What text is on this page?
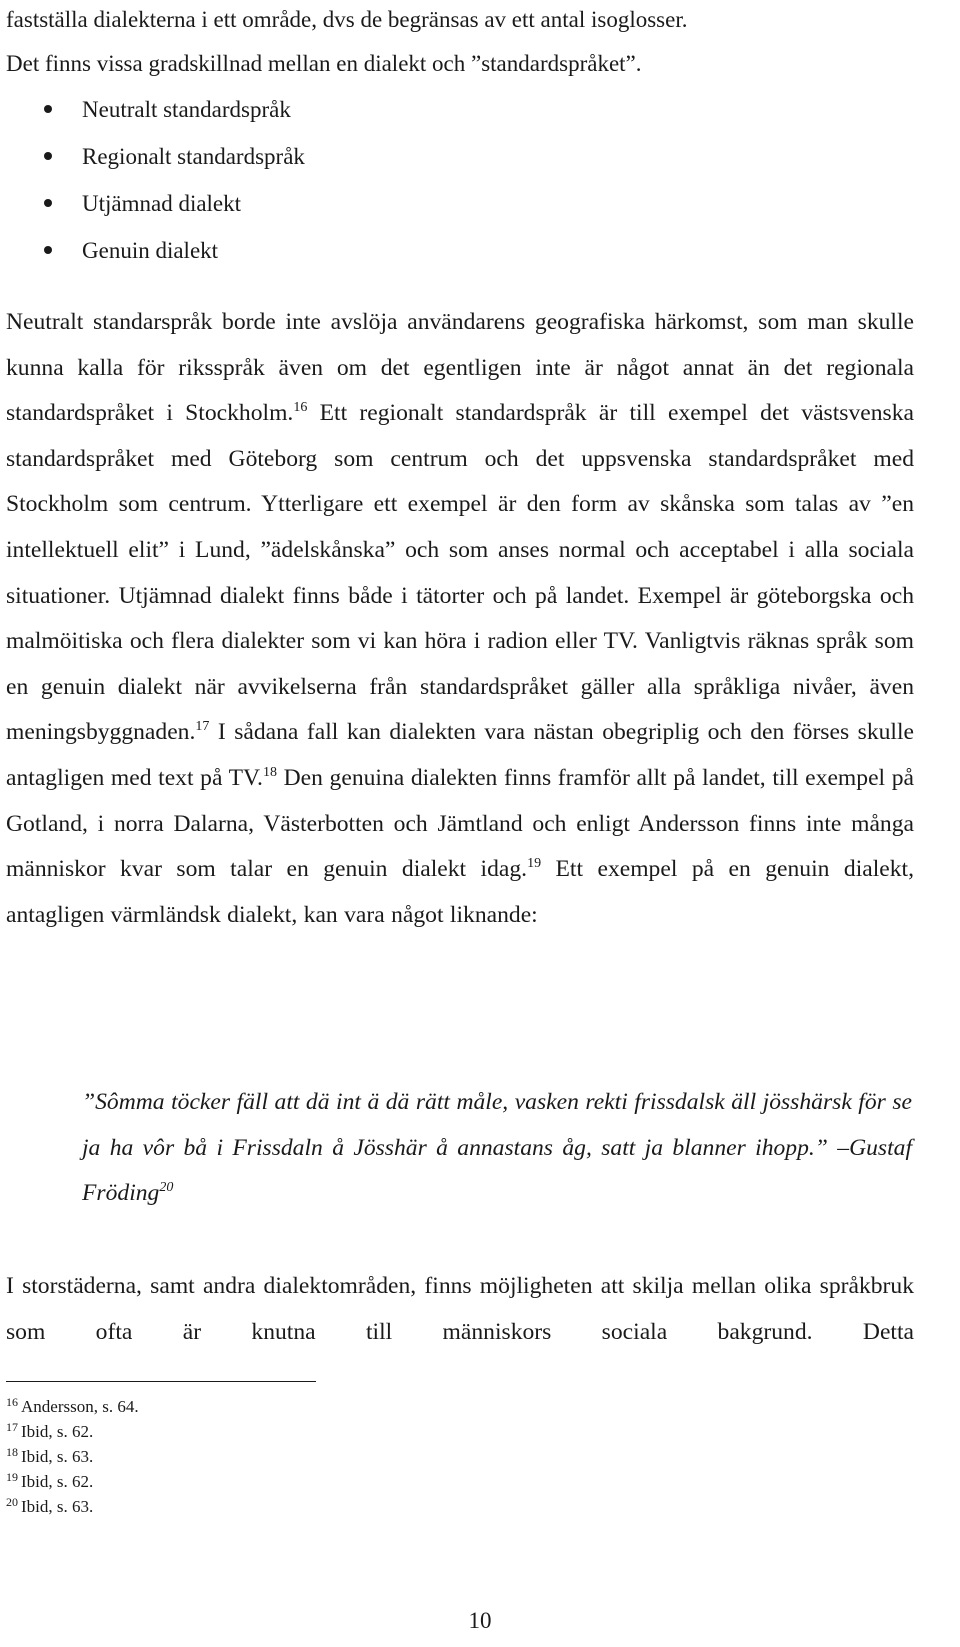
fastställa dialekterna i ett område, dvs de begränsas av ett antal isoglosser.
Det finns vissa gradskillnad mellan en dialekt och ”standardspråket”.

Neutralt standardspråk
Regionalt standardspråk
Utjämnad dialekt
Genuin dialekt

Neutralt standarspråk borde inte avslöja användarens geografiska härkomst, som man skulle kunna kalla för riksspråk även om det egentligen inte är något annat än det regionala standardspråket i Stockholm.$^{16}$ Ett regionalt standardspråk är till exempel det västsvenska standardspråket med Göteborg som centrum och det uppsvenska standardspråket med Stockholm som centrum. Ytterligare ett exempel är den form av skånska som talas av ”en intellektuell elit” i Lund, ”ädelskånska” och som anses normal och acceptabel i alla sociala situationer. Utjämnad dialekt finns både i tätorter och på landet. Exempel är göteborgska och malmöitiska och flera dialekter som vi kan höra i radion eller TV. Vanligtvis räknas språk som en genuin dialekt när avvikelserna från standardspråket gäller alla språkliga nivåer, även meningsbyggnaden.$^{17}$ I sådana fall kan dialekten vara nästan obegriplig och den förses skulle antagligen med text på TV.$^{18}$ Den genuina dialekten finns framför allt på landet, till exempel på Gotland, i norra Dalarna, Västerbotten och Jämtland och enligt Andersson finns inte många människor kvar som talar en genuin dialekt idag.$^{19}$ Ett exempel på en genuin dialekt, antagligen värmländsk dialekt, kan vara något liknande:

”Sômma töcker fäll att dä int ä dä rätt måle, vasken rekti frissdalsk äll jösshärsk för se ja ha vôr bå i Frissdaln å Jösshär å annastans åg, satt ja blanner ihopp.” –Gustaf Fröding$^{20}$

I storstäderna, samt andra dialektområden, finns möjligheten att skilja mellan olika språkbruk som ofta är knutna till människors sociala bakgrund. Detta

$^{16}$ Andersson, s. 64.
$^{17}$ Ibid, s. 62.
$^{18}$ Ibid, s. 63.
$^{19}$ Ibid, s. 62.
$^{20}$ Ibid, s. 63.
10
